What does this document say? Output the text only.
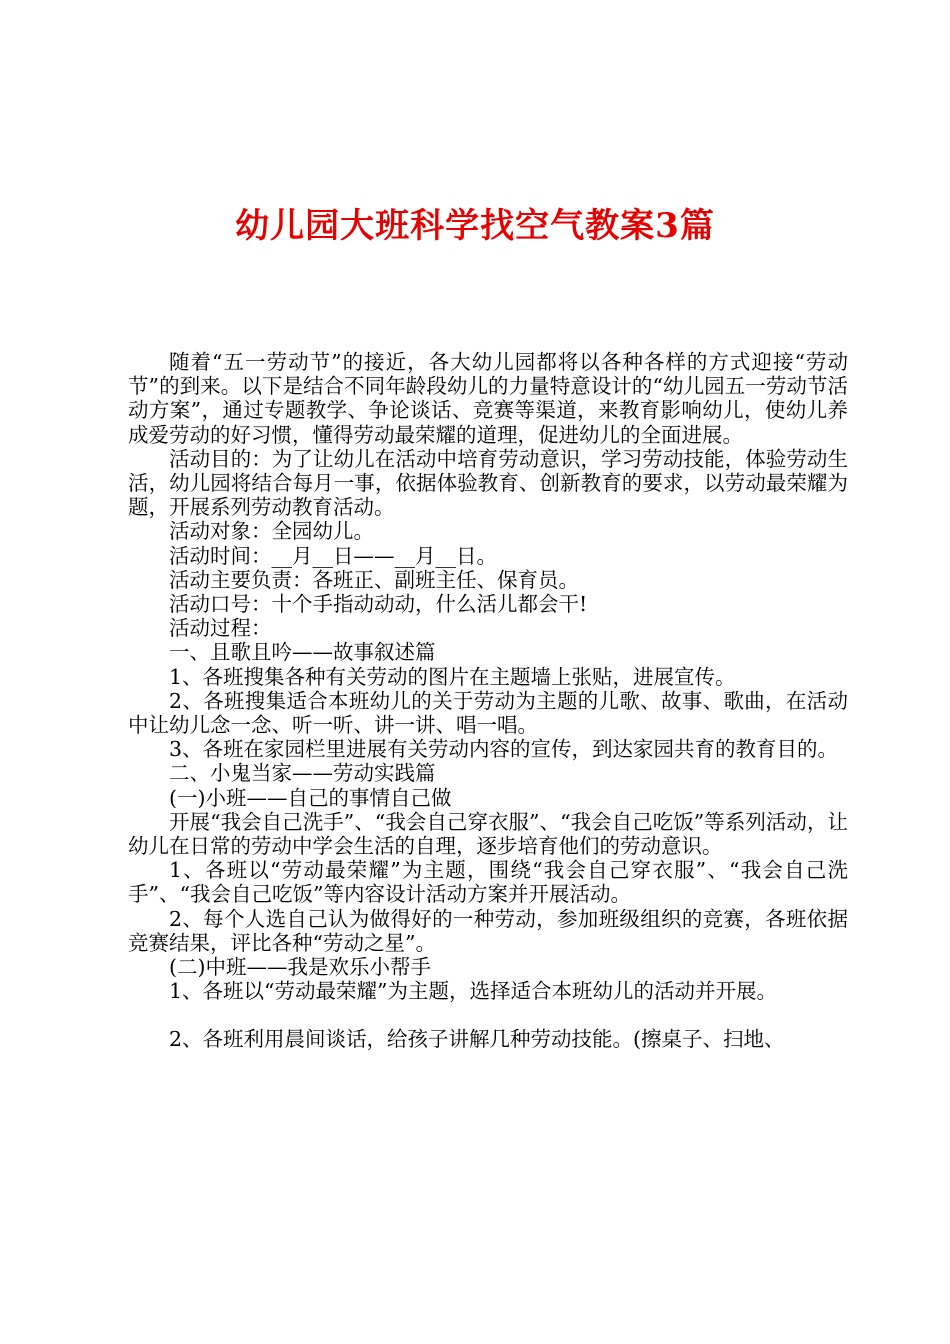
幼儿园大班科学找空气教案3篇

随着“五一劳动节”的接近，各大幼儿园都将以各种各样的方式迎接“劳动节”的到来。以下是结合不同年龄段幼儿的力量特意设计的“幼儿园五一劳动节活动方案”，通过专题教学、争论谈话、竞赛等渠道，来教育影响幼儿，使幼儿养成爱劳动的好习惯，懂得劳动最荣耀的道理，促进幼儿的全面进展。

活动目的：为了让幼儿在活动中培育劳动意识，学习劳动技能，体验劳动生活，幼儿园将结合每月一事，依据体验教育、创新教育的要求，以劳动最荣耀为题，开展系列劳动教育活动。

活动对象：全园幼儿。

活动时间：__月__日——__月__日。

活动主要负责：各班正、副班主任、保育员。

活动口号：十个手指动动动，什么活儿都会干!

活动过程：

一、且歌且吟——故事叙述篇

1、各班搜集各种有关劳动的图片在主题墙上张贴，进展宣传。

2、各班搜集适合本班幼儿的关于劳动为主题的儿歌、故事、歌曲，在活动中让幼儿念一念、听一听、讲一讲、唱一唱。

3、各班在家园栏里进展有关劳动内容的宣传，到达家园共育的教育目的。

二、小鬼当家——劳动实践篇

(一)小班——自己的事情自己做

开展“我会自己洗手”、“我会自己穿衣服”、“我会自己吃饭”等系列活动，让幼儿在日常的劳动中学会生活的自理，逐步培育他们的劳动意识。

1、各班以“劳动最荣耀”为主题，围绕“我会自己穿衣服”、“我会自己洗手”、“我会自己吃饭”等内容设计活动方案并开展活动。

2、每个人选自己认为做得好的一种劳动，参加班级组织的竞赛，各班依据竞赛结果，评比各种“劳动之星”。

(二)中班——我是欢乐小帮手

1、各班以“劳动最荣耀”为主题，选择适合本班幼儿的活动并开展。

2、各班利用晨间谈话，给孩子讲解几种劳动技能。(擦桌子、扫地、
